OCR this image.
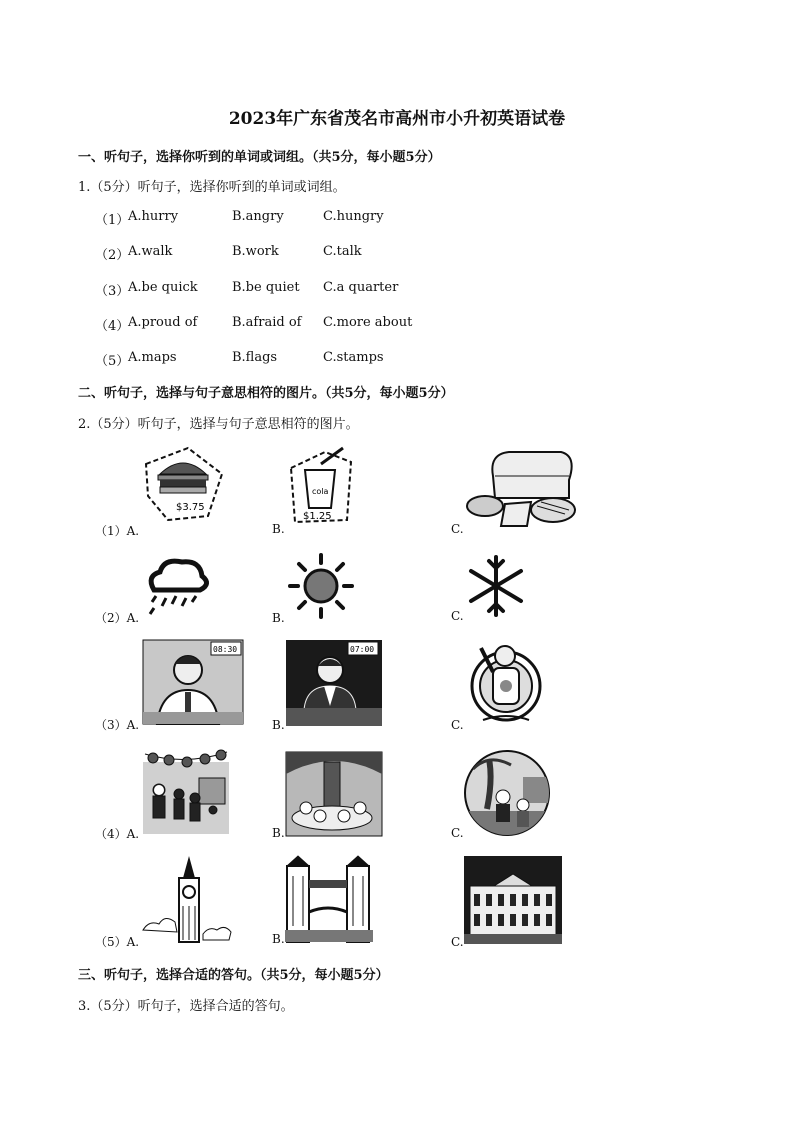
2023年广东省茂名市高州市小升初英语试卷
一、听句子，选择你听到的单词或词组。（共5分，每小题5分）
1.（5分）听句子，选择你听到的单词或词组。
（1）
A.hurry	B.angry	C.hungry
（2）
A.walk	B.work	C.talk
（3）
A.be quick	B.be quiet C.a quarter
（4）
A.proud of	B.afraid of C.more about
（5）
A.maps	B.flags	C.stamps
二、听句子，选择与句子意思相符的图片。（共5分，每小题5分）
2.（5分）听句子，选择与句子意思相符的图片。
（1）A.	B.	C.
$3.75
cola
$1.25
（2）A.	B.	C.
（3）A.	B.	C.
08:30	07:00
（4）A.	B.	C.
（5）A.	B.	C.
三、听句子，选择合适的答句。（共5分，每小题5分）
3.（5分）听句子，选择合适的答句。
